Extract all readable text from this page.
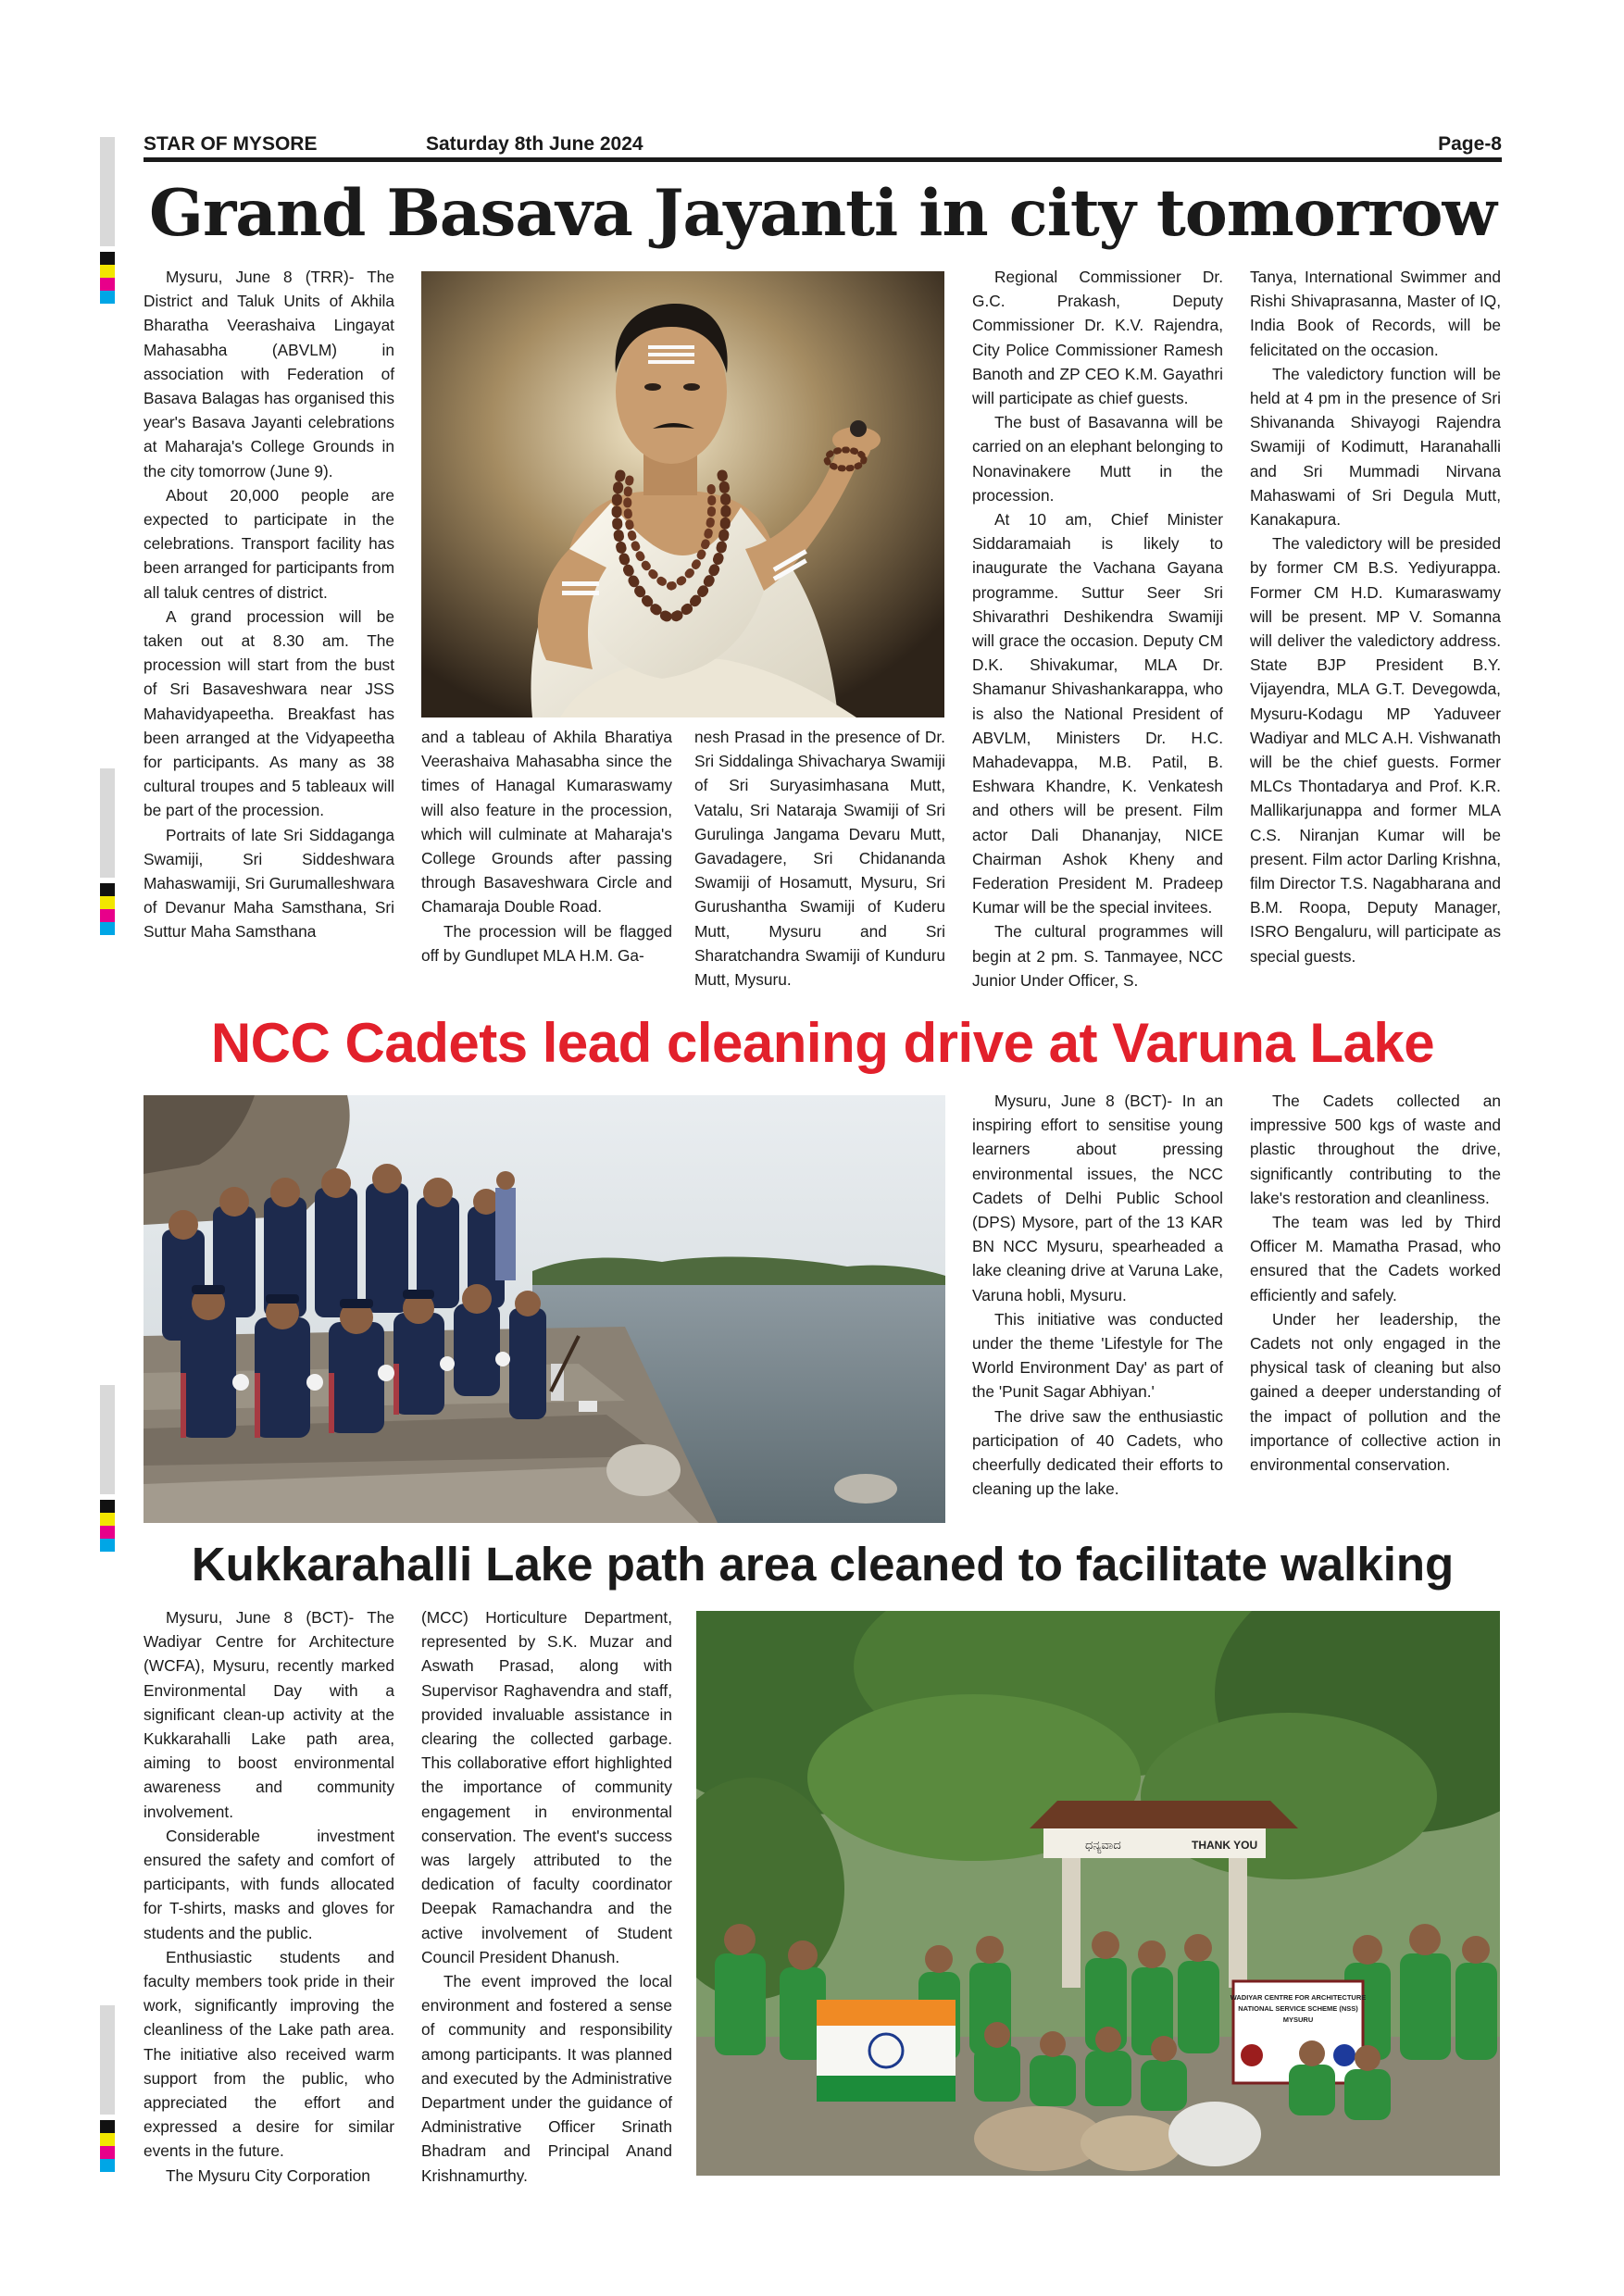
STAR OF MYSORE	Saturday 8th June 2024	Page-8
Grand Basava Jayanti in city tomorrow

Mysuru, June 8 (TRR)- The District and Taluk Units of Akhila Bharatha Veerashaiva Lingayat Mahasabha (ABVLM) in association with Federation of Basava Balagas has organised this year's Basava Jayanti celebrations at Maharaja's College Grounds in the city tomorrow (June 9).

About 20,000 people are expected to participate in the celebrations. Transport facility has been arranged for participants from all taluk centres of district.

A grand procession will be taken out at 8.30 am. The procession will start from the bust of Sri Basaveshwara near JSS Mahavidyapeetha. Breakfast has been arranged at the Vidyapeetha for participants. As many as 38 cultural troupes and 5 tableaux will be part of the procession.

Portraits of late Sri Siddaganga Swamiji, Sri Siddeshwara Mahaswamiji, Sri Gurumalleshwara of Devanur Maha Samsthana, Sri Suttur Maha Samsthana

and a tableau of Akhila Bharatiya Veerashaiva Mahasabha since the times of Hanagal Kumaraswamy will also feature in the procession, which will culminate at Maharaja's College Grounds after passing through Basaveshwara Circle and Chamaraja Double Road.

The procession will be flagged off by Gundlupet MLA H.M. Ga-

nesh Prasad in the presence of Dr. Sri Siddalinga Shivacharya Swamiji of Sri Suryasimhasana Mutt, Vatalu, Sri Nataraja Swamiji of Sri Gurulinga Jangama Devaru Mutt, Gavadagere, Sri Chidananda Swamiji of Hosamutt, Mysuru, Sri Gurushantha Swamiji of Kuderu Mutt, Mysuru and Sri Sharatchandra Swamiji of Kunduru Mutt, Mysuru.

Regional Commissioner Dr. G.C. Prakash, Deputy Commissioner Dr. K.V. Rajendra, City Police Commissioner Ramesh Banoth and ZP CEO K.M. Gayathri will participate as chief guests.

The bust of Basavanna will be carried on an elephant belonging to Nonavinakere Mutt in the procession.

At 10 am, Chief Minister Siddaramaiah is likely to inaugurate the Vachana Gayana programme. Suttur Seer Sri Shivarathri Deshikendra Swamiji will grace the occasion. Deputy CM D.K. Shivakumar, MLA Dr. Shamanur Shivashankarappa, who is also the National President of ABVLM, Ministers Dr. H.C. Mahadevappa, M.B. Patil, B. Eshwara Khandre, K. Venkatesh and others will be present. Film actor Dali Dhananjay, NICE Chairman Ashok Kheny and Federation President M. Pradeep Kumar will be the special invitees.

The cultural programmes will begin at 2 pm. S. Tanmayee, NCC Junior Under Officer, S.

Tanya, International Swimmer and Rishi Shivaprasanna, Master of IQ, India Book of Records, will be felicitated on the occasion.

The valedictory function will be held at 4 pm in the presence of Sri Shivananda Shivayogi Rajendra Swamiji of Kodimutt, Haranahalli and Sri Mummadi Nirvana Mahaswami of Sri Degula Mutt, Kanakapura.

The valedictory will be presided by former CM B.S. Yediyurappa. Former CM H.D. Kumaraswamy will be present. MP V. Somanna will deliver the valedictory address. State BJP President B.Y. Vijayendra, MLA G.T. Devegowda, Mysuru-Kodagu MP Yaduveer Wadiyar and MLC A.H. Vishwanath will be the chief guests. Former MLCs Thontadarya and Prof. K.R. Mallikarjunappa and former MLA C.S. Niranjan Kumar will be present. Film actor Darling Krishna, film Director T.S. Nagabharana and B.M. Roopa, Deputy Manager, ISRO Bengaluru, will participate as special guests.

NCC Cadets lead cleaning drive at Varuna Lake

Mysuru, June 8 (BCT)- In an inspiring effort to sensitise young learners about pressing environmental issues, the NCC Cadets of Delhi Public School (DPS) Mysore, part of the 13 KAR BN NCC Mysuru, spearheaded a lake cleaning drive at Varuna Lake, Varuna hobli, Mysuru.

This initiative was conducted under the theme 'Lifestyle for The World Environment Day' as part of the 'Punit Sagar Abhiyan.'

The drive saw the enthusiastic participation of 40 Cadets, who cheerfully dedicated their efforts to cleaning up the lake.

The Cadets collected an impressive 500 kgs of waste and plastic throughout the drive, significantly contributing to the lake's restoration and cleanliness.

The team was led by Third Officer M. Mamatha Prasad, who ensured that the Cadets worked efficiently and safely.

Under her leadership, the Cadets not only engaged in the physical task of cleaning but also gained a deeper understanding of the impact of pollution and the importance of collective action in environmental conservation.

Kukkarahalli Lake path area cleaned to facilitate walking

Mysuru, June 8 (BCT)- The Wadiyar Centre for Architecture (WCFA), Mysuru, recently marked Environmental Day with a significant clean-up activity at the Kukkarahalli Lake path area, aiming to boost environmental awareness and community involvement.

Considerable investment ensured the safety and comfort of participants, with funds allocated for T-shirts, masks and gloves for students and the public.

Enthusiastic students and faculty members took pride in their work, significantly improving the cleanliness of the Lake path area. The initiative also received warm support from the public, who appreciated the effort and expressed a desire for similar events in the future.

The Mysuru City Corporation

(MCC) Horticulture Department, represented by S.K. Muzar and Aswath Prasad, along with Supervisor Raghavendra and staff, provided invaluable assistance in clearing the collected garbage. This collaborative effort highlighted the importance of community engagement in environmental conservation. The event's success was largely attributed to the dedication of faculty coordinator Deepak Ramachandra and the active involvement of Student Council President Dhanush.

The event improved the local environment and fostered a sense of community and responsibility among participants. It was planned and executed by the Administrative Department under the guidance of Administrative Officer Srinath Bhadram and Principal Anand Krishnamurthy.

ಧನ್ಯವಾದ	THANK YOU
WADIYAR CENTRE FOR ARCHITECTURE
NATIONAL SERVICE SCHEME (NSS)
MYSURU
